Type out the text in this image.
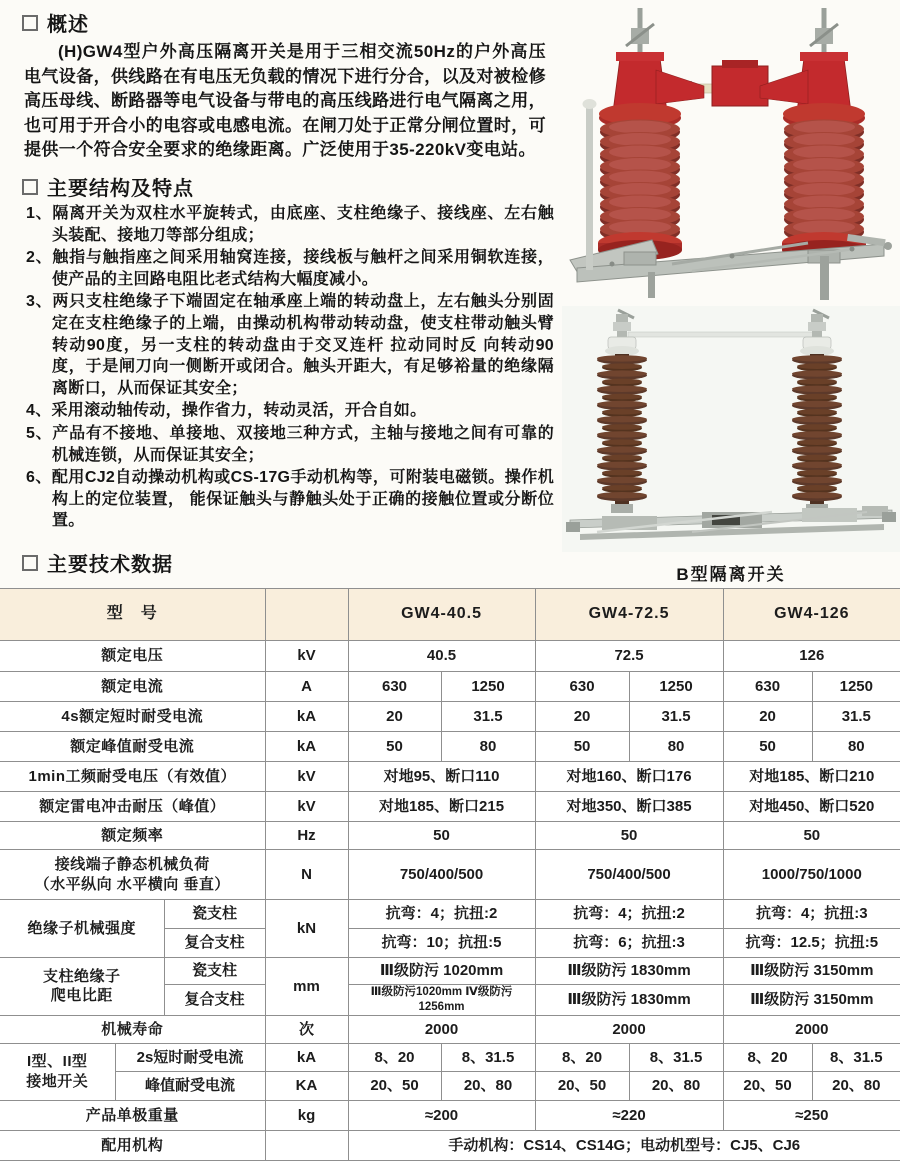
概述
(H)GW4型户外高压隔离开关是用于三相交流50Hz的户外高压电气设备，供线路在有电压无负载的情况下进行分合，以及对被检修高压母线、断路器等电气设备与带电的高压线路进行电气隔离之用，也可用于开合小的电容或电感电流。在闸刀处于正常分闸位置时，可提供一个符合安全要求的绝缘距离。广泛使用于35-220kV变电站。
主要结构及特点
1、隔离开关为双柱水平旋转式，由底座、支柱绝缘子、接线座、左右触头装配、接地刀等部分组成；
2、触指与触指座之间采用轴窝连接，接线板与触杆之间采用铜软连接，使产品的主回路电阻比老式结构大幅度减小。
3、两只支柱绝缘子下端固定在轴承座上端的转动盘上，左右触头分别固定在支柱绝缘子的上端，由操动机构带动转动盘，使支柱带动触头臂转动90度，另一支柱的转动盘由于交叉连杆 拉动同时反 向转动90度，于是闸刀向一侧断开或闭合。触头开距大，有足够裕量的绝缘隔离断口，从而保证其安全；
4、采用滚动轴传动，操作省力，转动灵活，开合自如。
5、产品有不接地、单接地、双接地三种方式，主轴与接地之间有可靠的机械连锁，从而保证其安全；
6、配用CJ2自动操动机构或CS-17G手动机构等，可附装电磁锁。操作机构上的定位装置， 能保证触头与静触头处于正确的接触位置或分断位置。
主要技术数据	B型隔离开关
型　号				GW4-40.5		GW4-72.5		GW4-126	
额定电压			kV	40.5		72.5		126	
额定电流			A	630	1250	630	1250	630	1250
4s额定短时耐受电流			kA	20	31.5	20	31.5	20	31.5
额定峰值耐受电流			kA	50	80	50	80	50	80
1min工频耐受电压（有效值）			kV	对地95、断口110		对地160、断口176		对地185、断口210	
额定雷电冲击耐压（峰值）			kV	对地185、断口215		对地350、断口385		对地450、断口520	
额定频率			Hz	50		50		50	

接线端子静态机械负荷
（水平纵向 水平横向 垂直）			N	750/400/500		750/400/500		1000/750/1000	
绝缘子机械强度		瓷支柱	kN	抗弯：4；抗扭:2		抗弯：4；抗扭:2		抗弯：4；抗扭:3	
		复合支柱		抗弯：10；抗扭:5		抗弯：6；抗扭:3		抗弯：12.5；抗扭:5	

支柱绝缘子
爬电比距		瓷支柱	mm	Ⅲ级防污 1020mm		Ⅲ级防污 1830mm		Ⅲ级防污 3150mm	
		复合支柱		Ⅲ级防污1020mm Ⅳ级防污1256mm		Ⅲ级防污 1830mm		Ⅲ级防污 3150mm	
机械寿命			次	2000		2000		2000	

I型、II型
接地开关	2s短时耐受电流		kA	8、20	8、31.5	8、20	8、31.5	8、20	8、31.5
	峰值耐受电流		KA	20、50	20、80	20、50	20、80	20、50	20、80
产品单极重量			kg	≈200		≈220		≈250	
配用机构				手动机构：CS14、CS14G；电动机型号：CJ5、CJ6					
